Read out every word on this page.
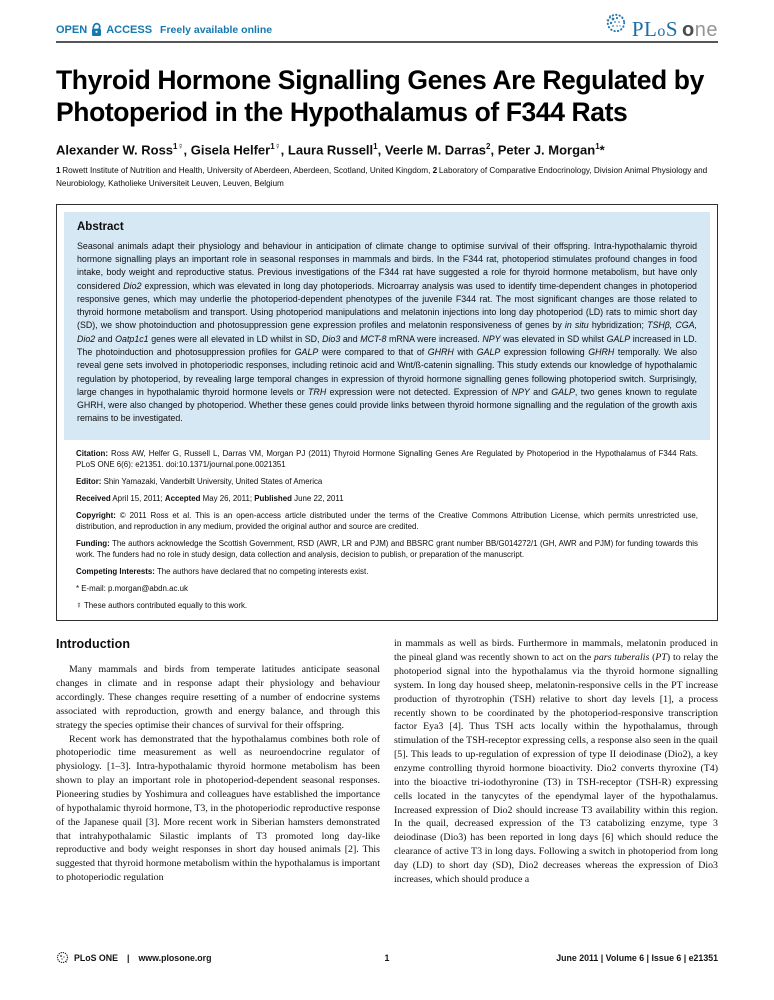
OPEN ACCESS Freely available online	PLoS one
Thyroid Hormone Signalling Genes Are Regulated by Photoperiod in the Hypothalamus of F344 Rats
Alexander W. Ross$^{1☿}$, Gisela Helfer$^{1☿}$, Laura Russell$^1$, Veerle M. Darras$^2$, Peter J. Morgan$^1$*
1 Rowett Institute of Nutrition and Health, University of Aberdeen, Aberdeen, Scotland, United Kingdom, 2 Laboratory of Comparative Endocrinology, Division Animal Physiology and Neurobiology, Katholieke Universiteit Leuven, Leuven, Belgium
Abstract

Seasonal animals adapt their physiology and behaviour in anticipation of climate change to optimise survival of their offspring. Intra-hypothalamic thyroid hormone signalling plays an important role in seasonal responses in mammals and birds. In the F344 rat, photoperiod stimulates profound changes in food intake, body weight and reproductive status. Previous investigations of the F344 rat have suggested a role for thyroid hormone metabolism, but have only considered Dio2 expression, which was elevated in long day photoperiods. Microarray analysis was used to identify time-dependent changes in photoperiod responsive genes, which may underlie the photoperiod-dependent phenotypes of the juvenile F344 rat. The most significant changes are those related to thyroid hormone metabolism and transport. Using photoperiod manipulations and melatonin injections into long day photoperiod (LD) rats to mimic short day (SD), we show photoinduction and photosuppression gene expression profiles and melatonin responsiveness of genes by in situ hybridization; TSHβ, CGA, Dio2 and Oatp1c1 genes were all elevated in LD whilst in SD, Dio3 and MCT-8 mRNA were increased. NPY was elevated in SD whilst GALP increased in LD. The photoinduction and photosuppression profiles for GALP were compared to that of GHRH with GALP expression following GHRH temporally. We also reveal gene sets involved in photoperiodic responses, including retinoic acid and Wnt/ß-catenin signalling. This study extends our knowledge of hypothalamic regulation by photoperiod, by revealing large temporal changes in expression of thyroid hormone signalling genes following photoperiod switch. Surprisingly, large changes in hypothalamic thyroid hormone levels or TRH expression were not detected. Expression of NPY and GALP, two genes known to regulate GHRH, were also changed by photoperiod. Whether these genes could provide links between thyroid hormone signalling and the regulation of the growth axis remains to be investigated.

Citation: Ross AW, Helfer G, Russell L, Darras VM, Morgan PJ (2011) Thyroid Hormone Signalling Genes Are Regulated by Photoperiod in the Hypothalamus of F344 Rats. PLoS ONE 6(6): e21351. doi:10.1371/journal.pone.0021351

Editor: Shin Yamazaki, Vanderbilt University, United States of America

Received April 15, 2011; Accepted May 26, 2011; Published June 22, 2011

Copyright: © 2011 Ross et al. This is an open-access article distributed under the terms of the Creative Commons Attribution License, which permits unrestricted use, distribution, and reproduction in any medium, provided the original author and source are credited.

Funding: The authors acknowledge the Scottish Government, RSD (AWR, LR and PJM) and BBSRC grant number BB/G014272/1 (GH, AWR and PJM) for funding towards this work. The funders had no role in study design, data collection and analysis, decision to publish, or preparation of the manuscript.

Competing Interests: The authors have declared that no competing interests exist.

* E-mail: p.morgan@abdn.ac.uk

☿ These authors contributed equally to this work.

Introduction

Many mammals and birds from temperate latitudes anticipate seasonal changes in climate and in response adapt their physiology and behaviour accordingly. These changes require resetting of a number of endocrine systems associated with reproduction, growth and energy balance, and through this strategy the species optimise their chances of survival for their offspring.

Recent work has demonstrated that the hypothalamus combines both role of photoperiodic time measurement as well as neuroendocrine regulator of physiology. [1–3]. Intra-hypothalamic thyroid hormone metabolism has been shown to play an important role in photoperiod-dependent seasonal responses. Pioneering studies by Yoshimura and colleagues have established the importance of hypothalamic thyroid hormone, T3, in the photoperiodic reproductive response of the Japanese quail [3]. More recent work in Siberian hamsters demonstrated that intrahypothalamic Silastic implants of T3 promoted long day-like reproductive and body weight responses in short day housed animals [2]. This suggested that thyroid hormone metabolism within the hypothalamus is important to photoperiodic regulation

in mammals as well as birds. Furthermore in mammals, melatonin produced in the pineal gland was recently shown to act on the pars tuberalis (PT) to relay the photoperiod signal into the hypothalamus via the thyroid hormone signalling system. In long day housed sheep, melatonin-responsive cells in the PT increase production of thyrotrophin (TSH) relative to short day levels [1], a process recently shown to be coordinated by the photoperiod-responsive transcription factor Eya3 [4]. Thus TSH acts locally within the hypothalamus, through stimulation of the TSH-receptor expressing cells, a response also seen in the quail [5]. This leads to up-regulation of expression of type II deiodinase (Dio2), a key enzyme controlling thyroid hormone bioactivity. Dio2 converts thyroxine (T4) into the bioactive tri-iodothyronine (T3) in TSH-receptor (TSH-R) expressing cells located in the tanycytes of the ependymal layer of the hypothalamus. Increased expression of Dio2 should increase T3 availability within this region. In the quail, decreased expression of the T3 catabolizing enzyme, type 3 deiodinase (Dio3) has been reported in long days [6] which should reduce the clearance of active T3 in long days. Following a switch in photoperiod from long day (LD) to short day (SD), Dio2 decreases whereas the expression of Dio3 increases, which should produce a

1
PLoS ONE	|	www.plosone.org	June 2011 | Volume 6 | Issue 6 | e21351
